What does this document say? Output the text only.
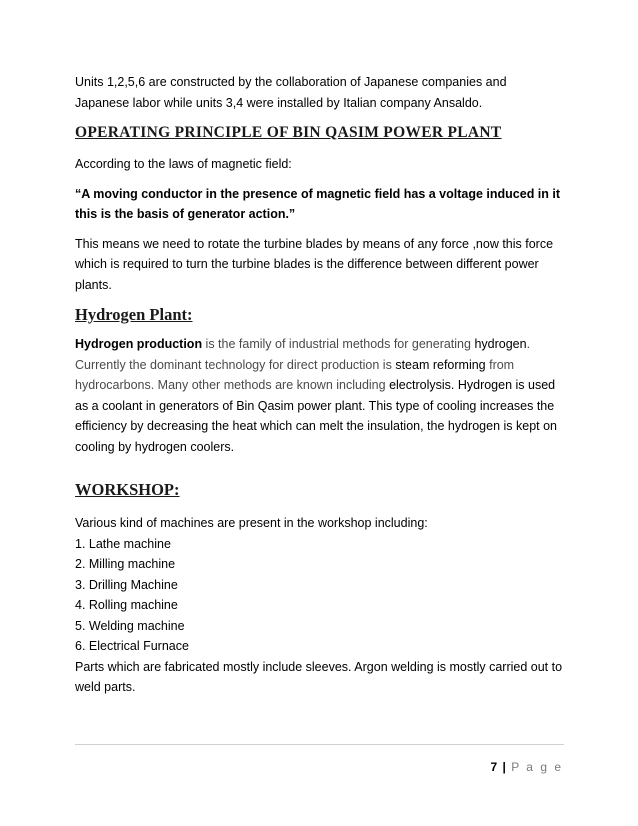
Units 1,2,5,6 are constructed by the collaboration of Japanese companies and

Japanese labor while units 3,4 were installed by Italian company Ansaldo.

OPERATING PRINCIPLE OF BIN QASIM POWER PLANT

According to the laws of magnetic field:

“A moving conductor in the presence of magnetic field has a voltage induced in it this is the basis of generator action.”

This means we need to rotate the turbine blades by means of any force ,now this force which is required to turn the turbine blades is the difference between different power plants.

Hydrogen Plant:

Hydrogen production is the family of industrial methods for generating hydrogen. Currently the dominant technology for direct production is steam reforming from hydrocarbons. Many other methods are known including electrolysis. Hydrogen is used as a coolant in generators of Bin Qasim power plant. This type of cooling increases the efficiency by decreasing the heat which can melt the insulation, the hydrogen is kept on cooling by hydrogen coolers.

WORKSHOP:

Various kind of machines are present in the workshop including:

1. Lathe machine

2. Milling machine

3. Drilling Machine

4. Rolling machine

5. Welding machine

6. Electrical Furnace

Parts which are fabricated mostly include sleeves. Argon welding is mostly carried out to weld parts.

7 | P a g e
